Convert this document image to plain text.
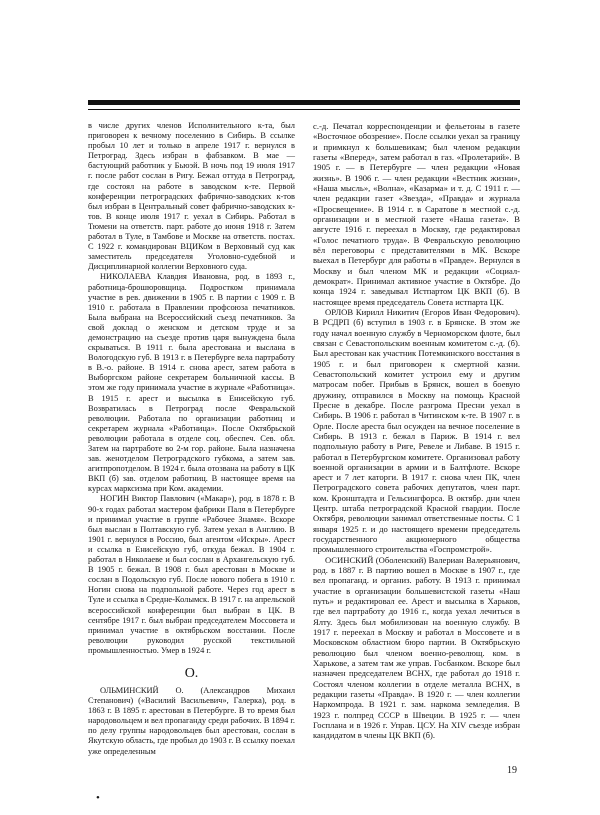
в числе других членов Исполнительного к-та, был приговорен к вечному поселению в Сибирь. В ссылке пробыл 10 лет и только в апреле 1917 г. вернулся в Петроград. Здесь избран в фабзавком. В мае — бастующий работник у Бьюэй. В ночь под 19 июля 1917 г. после работ сослан в Ригу. Бежал оттуда в Петроград, где состоял на работе в заводском к-те. Первой конференции петроградских фабрично-заводских к-тов был избран в Центральный совет фабрично-заводских к-тов. В конце июля 1917 г. уехал в Сибирь. Работал в Тюмени на ответств. парт. работе до июня 1918 г. Затем работал в Туле, в Тамбове и Москве на ответств. постах. С 1922 г. командирован ВЦИКом в Верховный суд как заместитель председателя Уголовно-судебной и Дисциплинарной коллегии Верховного суда.

НИКОЛАЕВА Клавдия Ивановна, род. в 1893 г., работница-брошюровщица. Подростком принимала участие в рев. движении в 1905 г. В партии с 1909 г. В 1910 г. работала в Правлении профсоюза печатников. Была выбрана на Всероссийский съезд печатников. За свой доклад о женском и детском труде и за демонстрацию на съезде против царя вынуждена была скрываться. В 1911 г. была арестована и выслана в Вологодскую губ. В 1913 г. в Петербурге вела партработу в В.-о. районе. В 1914 г. снова арест, затем работа в Выборгском районе секретарем больничной кассы. В этом же году принимала участие в журнале «Работница». В 1915 г. арест и высылка в Енисейскую губ. Возвратилась в Петроград после Февральской революции. Работала по организации работниц и секретарем журнала «Работница». После Октябрьской революции работала в отделе соц. обеспеч. Сев. обл. Затем на партработе во 2-м гор. районе. Была назначена зав. женотделом Петроградского губкома, а затем зав. агитпропотделом. В 1924 г. была отозвана на работу в ЦК ВКП (б) зав. отделом работниц. В настоящее время на курсах марксизма при Ком. академии.

НОГИН Виктор Павлович («Макар»), род. в 1878 г. В 90-х годах работал мастером фабрики Паля в Петербурге и принимал участие в группе «Рабочее Знамя». Вскоре был выслан в Полтавскую губ. Затем уехал в Англию. В 1901 г. вернулся в Россию, был агентом «Искры». Арест и ссылка в Енисейскую губ, откуда бежал. В 1904 г. работал в Николаеве и был сослан в Архангельскую губ. В 1905 г. бежал. В 1908 г. был арестован в Москве и сослан в Подольскую губ. После нового побега в 1910 г. Ногин снова на подпольной работе. Через год арест в Туле и ссылка в Средне-Колымск. В 1917 г. на апрельской всероссийской конференции был выбран в ЦК. В сентябре 1917 г. был выбран председателем Моссовета и принимал участие в октябрьском восстании. После революции руководил русской текстильной промышленностью. Умер в 1924 г.

О.

ОЛЬМИНСКИЙ О. (Александров Михаил Степанович) («Василий Васильевич», Галерка), род. в 1863 г. В 1895 г. арестован в Петербурге. В то время был народовольцем и вел пропаганду среди рабочих. В 1894 г. по делу группы народовольцев был арестован, сослан в Якутскую область, где пробыл до 1903 г. В ссылку поехал уже определенным

с.-д. Печатал корреспонденции и фельетоны в газете «Восточное обозрение». После ссылки уехал за границу и примкнул к большевикам; был членом редакции газеты «Вперед», затем работал в газ. «Пролетарий». В 1905 г. — в Петербурге — член редакции «Новая жизнь». В 1906 г. — член редакции «Вестник жизни», «Наша мысль», «Волна», «Казарма» и т. д. С 1911 г. — член редакции газет «Звезда», «Правда» и журнала «Просвещение». В 1914 г. в Саратове в местной с.-д. организации и в местной газете «Наша газета». В августе 1916 г. переехал в Москву, где редактировал «Голос печатного труда». В Февральскую революцию вёл переговоры с представителями в МК. Вскоре выехал в Петербург для работы в «Правде». Вернулся в Москву и был членом МК и редакции «Социал-демократ». Принимал активное участие в Октябре. До конца 1924 г. заведывал Истпартом ЦК ВКП (б). В настоящее время председатель Совета истпарта ЦК.

ОРЛОВ Кирилл Никитич (Егоров Иван Федорович). В РСДРП (б) вступил в 1903 г. в Брянске. В этом же году начал военную службу в Черноморском флоте, был связан с Севастопольским военным комитетом с.-д. (б). Был арестован как участник Потемкинского восстания в 1905 г. и был приговорен к смертной казни. Севастопольский комитет устроил ему и другим матросам побег. Прибыв в Брянск, вошел в боевую дружину, отправился в Москву на помощь Красной Пресне в декабре. После разгрома Пресни уехал в Сибирь. В 1906 г. работал в Читинском к-те. В 1907 г. в Орле. После ареста был осужден на вечное поселение в Сибирь. В 1913 г. бежал в Париж. В 1914 г. вел подпольную работу в Риге, Ревеле и Либаве. В 1915 г. работал в Петербургском комитете. Организовал работу военной организации в армии и в Балтфлоте. Вскоре арест и 7 лет каторги. В 1917 г. снова член ПК, член Петроградского совета рабочих депутатов, член парт. ком. Кронштадта и Гельсингфорса. В октябр. дни член Центр. штаба петроградской Красной гвардии. После Октября, революции занимал ответственные посты. С 1 января 1925 г. и до настоящего времени председатель государственного акционерного общества промышленного строительства «Госпромстрой».

ОСИНСКИЙ (Оболенский) Валериан Валерьянович, род. в 1887 г. В партию вошел в Москве в 1907 г., где вел пропаганд. и организ. работу. В 1913 г. принимал участие в организации большевистской газеты «Наш путь» и редактировал ее. Арест и высылка в Харьков, где вел партработу до 1916 г., когда уехал лечиться в Ялту. Здесь был мобилизован на военную службу. В 1917 г. переехал в Москву и работал в Моссовете и в Московском областном бюро партии. В Октябрьскую революцию был членом военно-револющ. ком. в Харькове, а затем там же управ. Госбанком. Вскоре был назначен председателем ВСНХ, где работал до 1918 г. Состоял членом коллегии в отделе металла ВСНХ, в редакции газеты «Правда». В 1920 г. — член коллегии Наркомпрода. В 1921 г. зам. наркома земледелия. В 1923 г. полпред СССР в Швеции. В 1925 г. — член Госплана и в 1926 г. Управ. ЦСУ. На XIV съезде избран кандидатом в члены ЦК ВКП (б).

19
•
